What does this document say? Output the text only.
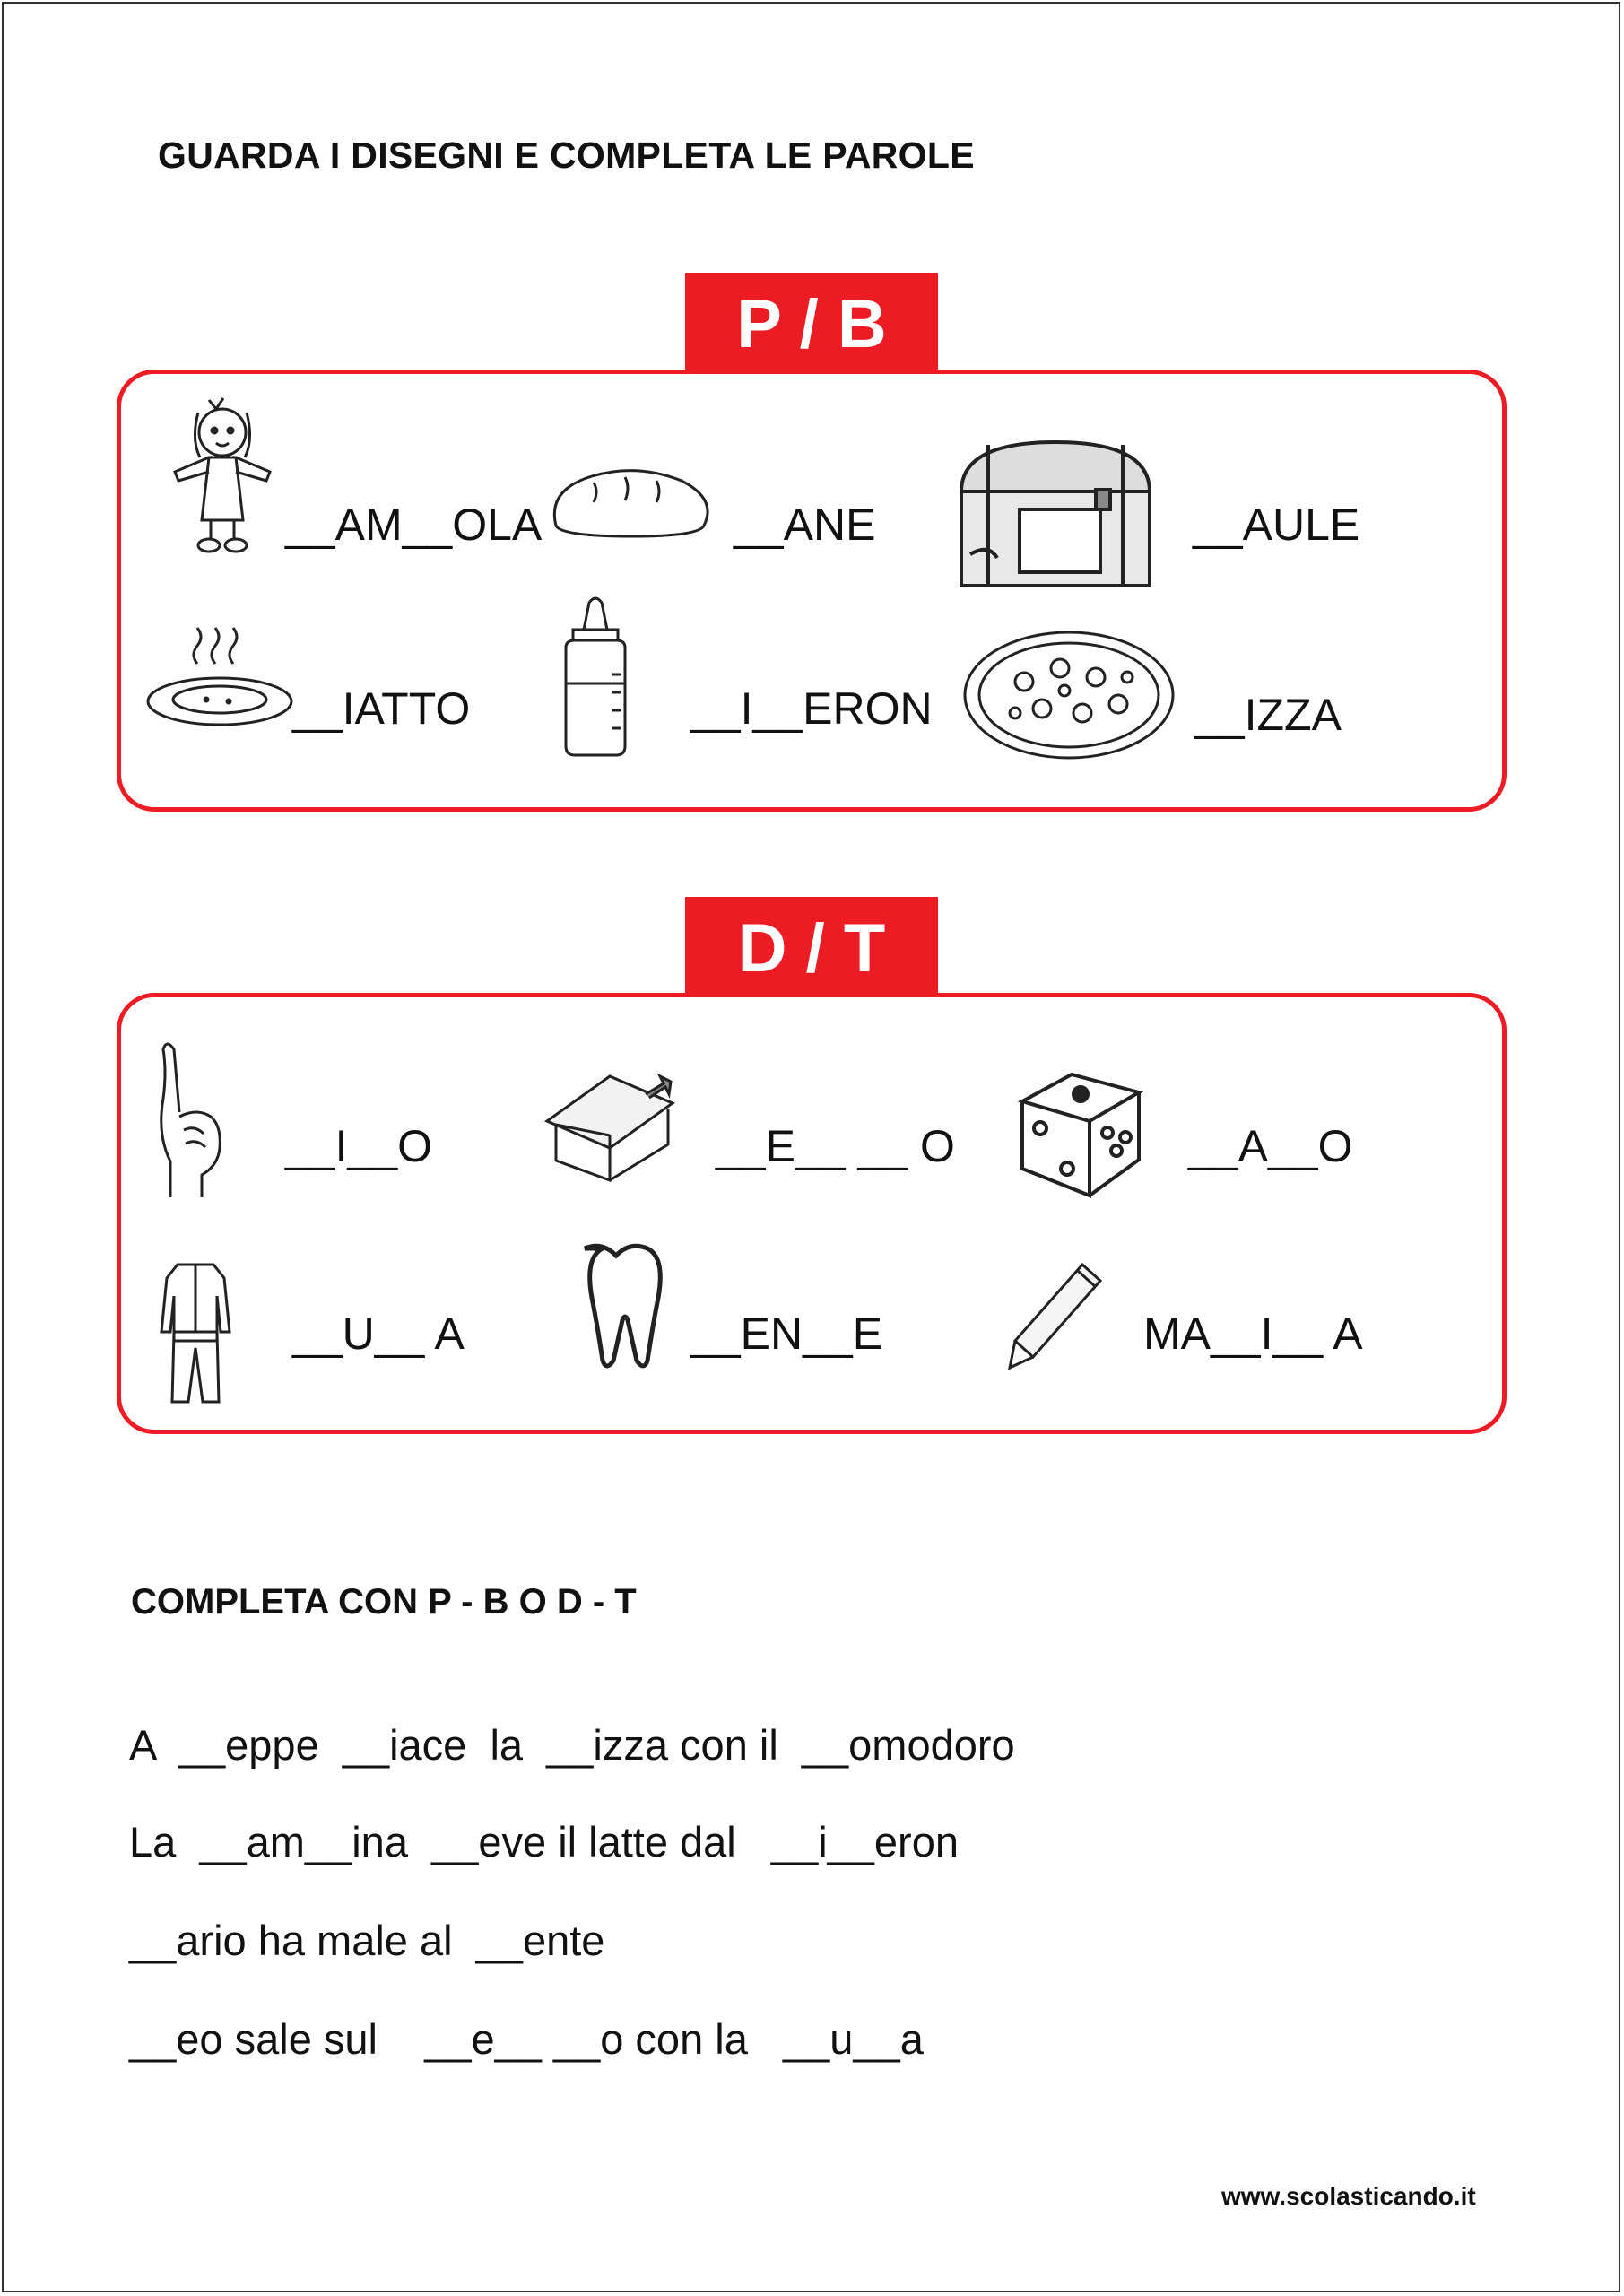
GUARDA I DISEGNI E COMPLETA LE PAROLE
P / B
__AM__OLA	__ANE	__AULE
__IATTO	__I__ERON	__IZZA
D / T
__I__O	__E__ __ O	__A__O
__U__ A	__EN__E	MA__I__ A
COMPLETA CON P - B O D - T
A  __eppe  __iace  la  __izza con il  __omodoro
La  __am__ina  __eve il latte dal   __i__eron
__ario ha male al  __ente
__eo sale sul    __e__ __o con la   __u__a
www.scolasticando.it
